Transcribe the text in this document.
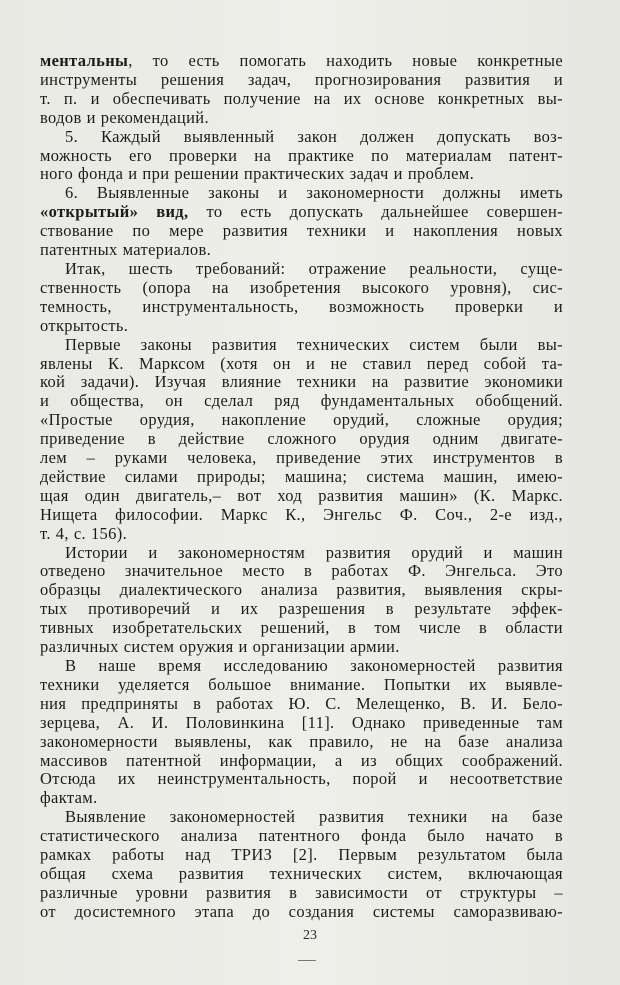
ментальны, то есть помогать находить новые конкретные
инструменты решения задач, прогнозирования развития и
т. п. и обеспечивать получение на их основе конкретных вы-
водов и рекомендаций.
5. Каждый выявленный закон должен допускать воз-
можность его проверки на практике по материалам патент-
ного фонда и при решении практических задач и проблем.
6. Выявленные законы и закономерности должны иметь
«открытый» вид, то есть допускать дальнейшее совершен-
ствование по мере развития техники и накопления новых
патентных материалов.
Итак, шесть требований: отражение реальности, суще-
ственность (опора на изобретения высокого уровня), сис-
темность, инструментальность, возможность проверки и
открытость.
Первые законы развития технических систем были вы-
явлены К. Марксом (хотя он и не ставил перед собой та-
кой задачи). Изучая влияние техники на развитие экономики
и общества, он сделал ряд фундаментальных обобщений.
«Простые орудия, накопление орудий, сложные орудия;
приведение в действие сложного орудия одним двигате-
лем – руками человека, приведение этих инструментов в
действие силами природы; машина; система машин, имею-
щая один двигатель,– вот ход развития машин» (К. Маркс.
Нищета философии. Маркс К., Энгельс Ф. Соч., 2-е изд.,
т. 4, с. 156).
Истории и закономерностям развития орудий и машин
отведено значительное место в работах Ф. Энгельса. Это
образцы диалектического анализа развития, выявления скры-
тых противоречий и их разрешения в результате эффек-
тивных изобретательских решений, в том числе в области
различных систем оружия и организации армии.
В наше время исследованию закономерностей развития
техники уделяется большое внимание. Попытки их выявле-
ния предприняты в работах Ю. С. Мелещенко, В. И. Бело-
зерцева, А. И. Половинкина [11]. Однако приведенные там
закономерности выявлены, как правило, не на базе анализа
массивов патентной информации, а из общих соображений.
Отсюда их неинструментальность, порой и несоответствие
фактам.
Выявление закономерностей развития техники на базе
статистического анализа патентного фонда было начато в
рамках работы над ТРИЗ [2]. Первым результатом была
общая схема развития технических систем, включающая
различные уровни развития в зависимости от структуры –
от досистемного этапа до создания системы саморазвиваю-
23
